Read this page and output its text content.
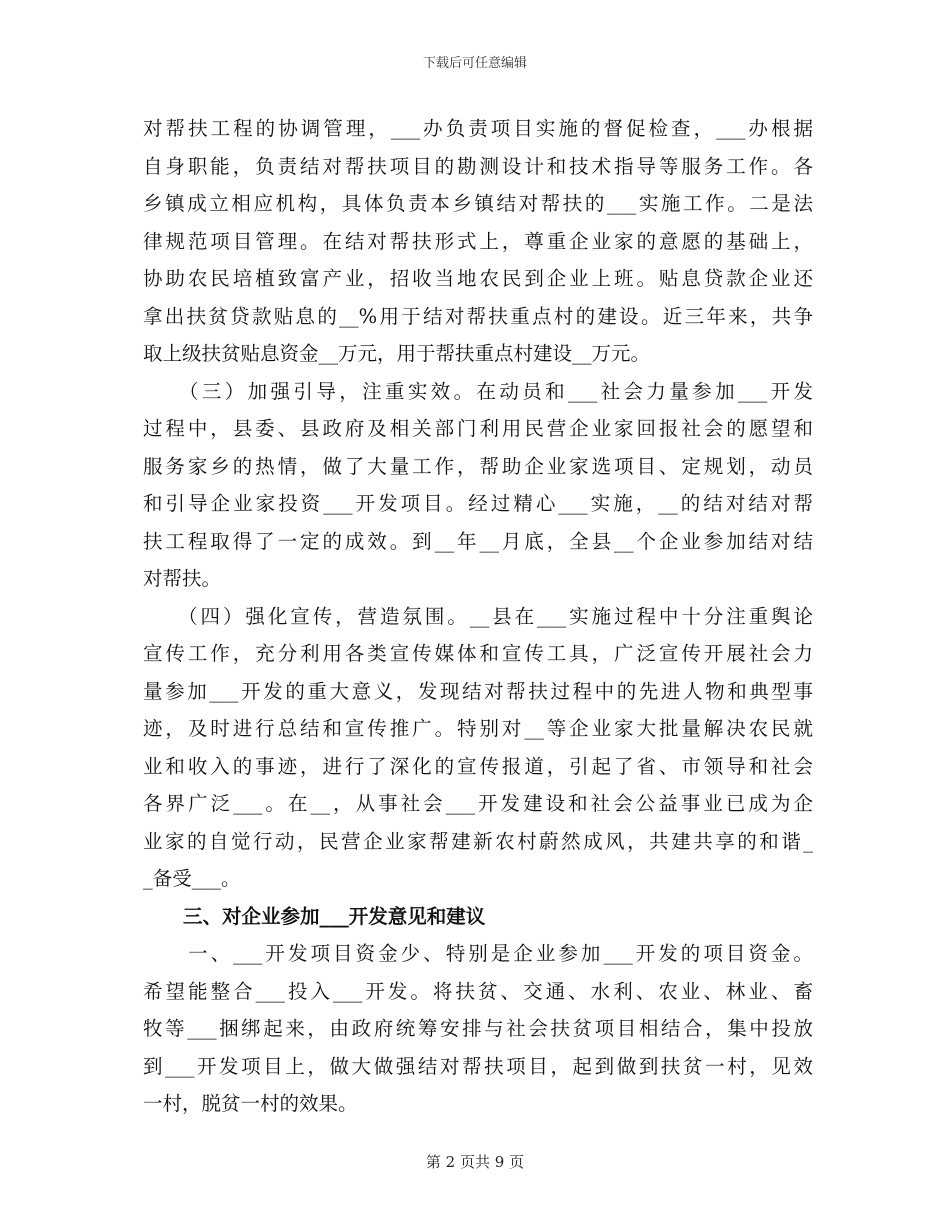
下载后可任意编辑
对帮扶工程的协调管理，___办负责项目实施的督促检查，___办根据
自身职能，负责结对帮扶项目的勘测设计和技术指导等服务工作。各
乡镇成立相应机构，具体负责本乡镇结对帮扶的___实施工作。二是法
律规范项目管理。在结对帮扶形式上，尊重企业家的意愿的基础上，
协助农民培植致富产业，招收当地农民到企业上班。贴息贷款企业还
拿出扶贫贷款贴息的__%用于结对帮扶重点村的建设。近三年来，共争
取上级扶贫贴息资金__万元，用于帮扶重点村建设__万元。
　　（三）加强引导，注重实效。在动员和___社会力量参加___开发
过程中，县委、县政府及相关部门利用民营企业家回报社会的愿望和
服务家乡的热情，做了大量工作，帮助企业家选项目、定规划，动员
和引导企业家投资___开发项目。经过精心___实施，__的结对结对帮
扶工程取得了一定的成效。到__年__月底，全县__个企业参加结对结
对帮扶。
　　（四）强化宣传，营造氛围。__县在___实施过程中十分注重舆论
宣传工作，充分利用各类宣传媒体和宣传工具，广泛宣传开展社会力
量参加___开发的重大意义，发现结对帮扶过程中的先进人物和典型事
迹，及时进行总结和宣传推广。特别对__等企业家大批量解决农民就
业和收入的事迹，进行了深化的宣传报道，引起了省、市领导和社会
各界广泛___。在__，从事社会___开发建设和社会公益事业已成为企
业家的自觉行动，民营企业家帮建新农村蔚然成风，共建共享的和谐_
_备受___。
三、对企业参加___开发意见和建议
　　一、___开发项目资金少、特别是企业参加___开发的项目资金。
希望能整合___投入___开发。将扶贫、交通、水利、农业、林业、畜
牧等___捆绑起来，由政府统筹安排与社会扶贫项目相结合，集中投放
到___开发项目上，做大做强结对帮扶项目，起到做到扶贫一村，见效
一村，脱贫一村的效果。
第 2 页共 9 页
